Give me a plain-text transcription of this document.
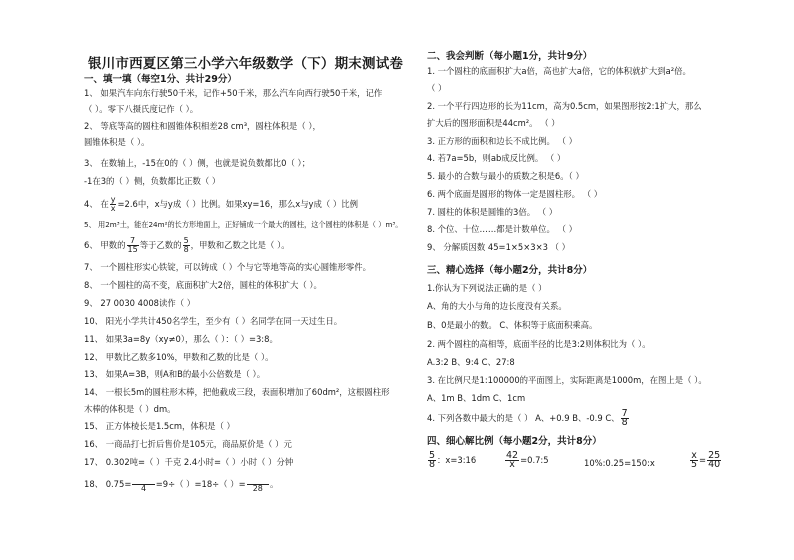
银川市西夏区第三小学六年级数学（下）期末测试卷
一、填一填（每空1分、共计29分）
1、 如果汽车向东行驶50千米，记作+50千米，那么汽车向西行驶50千米，记作
（ ）。零下八摄氏度记作（ ）。
2、 等底等高的圆柱和圆锥体积相差28 cm³，圆柱体积是（ ），
圆锥体积是（ ）。
3、 在数轴上，-15在0的（ ）侧，也就是说负数都比0（ ）；
-1在3的（ ）侧，负数都比正数（ ）
4、 在 $\frac{y}{x} =2.6$中，x与y成（ ）比例。如果xy=16，那么x与y成（ ）比例
5、 用2m³土，能在24m²的长方形地面上，正好铺成一个最大的圆柱，这个圆柱的体积是（ ）m³。
6、 甲数的 $\frac{7}{15}$ 等于乙数的 $\frac{5}{8}$ ，甲数和乙数之比是（ ）。
7、 一个圆柱形实心铁锭，可以铸成（ ）个与它等地等高的实心圆锥形零件。
8、 一个圆柱的高不变，底面积扩大2倍，圆柱的体积扩大（ ）。
9、 27 0030 4008读作（ ）
10、 阳光小学共计450名学生，至少有（ ）名同学在同一天过生日。
11、 如果3a=8y（xy≠0），那么（ ）：（ ）=3:8。
12、 甲数比乙数多10%，甲数和乙数的比是（ ）。
13、 如果A=3B，则A和B的最小公倍数是（ ）。
14、 一根长5m的圆柱形木棒，把他截成三段，表面积增加了60dm²，这根圆柱形
木棒的体积是（ ）dm。
15、 正方体棱长是1.5cm，体积是（ ）
16、 一商品打七折后售价是105元，商品原价是（ ）元
17、 0.302吨=（ ）千克 2.4小时=（ ）小时（ ）分钟
18、 0.75=
    	4	=9÷（ ）=18÷（ ）=
     28 。
二、我会判断（每小题1分，共计9分）
1. 一个圆柱的底面积扩大a倍，高也扩大a倍，它的体积就扩大到a²倍。
（ ）
2. 一个平行四边形的长为11cm，高为0.5cm，如果图形按2:1扩大，那么
扩大后的图形面积是44cm²。 （ ）
3. 正方形的面积和边长不成比例。 （ ）
4. 若7a=5b，则ab成反比例。 （ ）
5. 最小的合数与最小的质数之积是6。（ ）
6. 两个底面是圆形的物体一定是圆柱形。 （ ）
7. 圆柱的体积是圆锥的3倍。 （ ）
8. 个位、十位……都是计数单位。 （ ）
9、 分解质因数 45=1×5×3×3 （ ）
三、精心选择（每小题2分，共计8分）
1.你认为下列说法正确的是（ ）
A、角的大小与角的边长度没有关系。
B、0是最小的数。 C、体积等于底面积乘高。
2. 两个圆柱的高相等，底面半径的比是3:2则体积比为（ ）。
A.3:2 B、9:4 C、27:8
3. 在比例尺是1:100000的平面图上，实际距离是1000m，在图上是（ ）。
A、1m B、1dm C、1cm
4. 下列各数中最大的是（ ） A、+0.9 B、-0.9 C、 $\frac{7}{8}$
四、细心解比例（每小题2分，共计8分）
$\frac{5}{8}$ ：x=3:16	$\frac{42}{x}$ =0.7:5	10%:0.25=150:x	$\frac{x}{5} = \frac{25}{40}$
